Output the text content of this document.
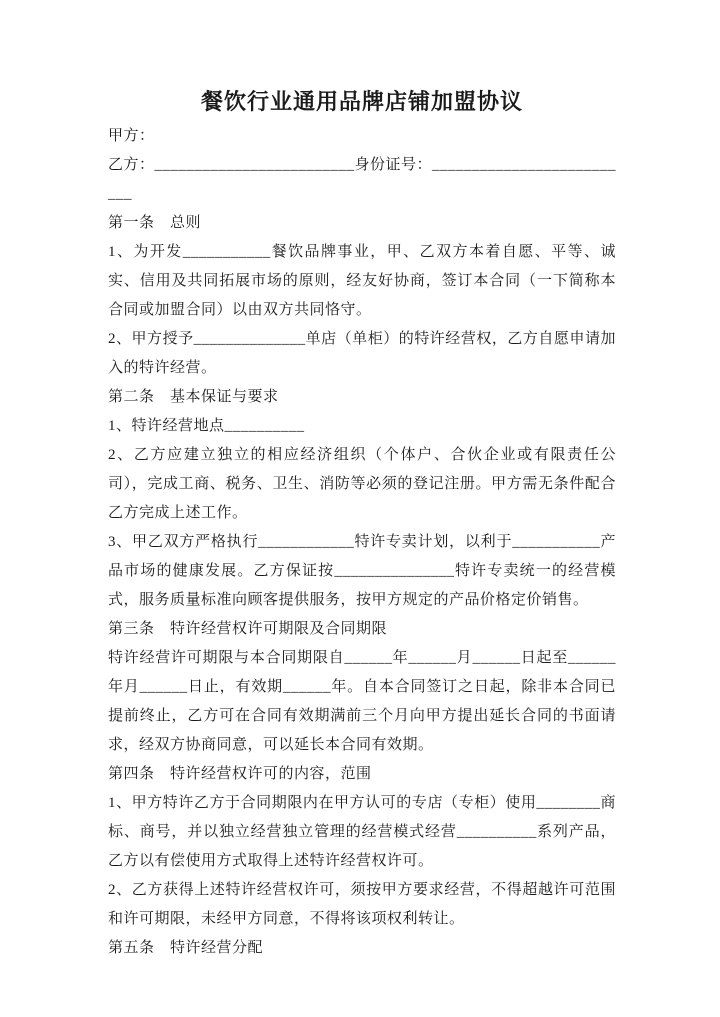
餐饮行业通用品牌店铺加盟协议

甲方：

乙方：_________________________身份证号：__________________________

第一条　总则

1、为开发___________餐饮品牌事业，甲、乙双方本着自愿、平等、诚实、信用及共同拓展市场的原则，经友好协商，签订本合同（一下简称本合同或加盟合同）以由双方共同恪守。

2、甲方授予______________单店（单柜）的特许经营权，乙方自愿申请加入的特许经营。

第二条　基本保证与要求

1、特许经营地点__________

2、乙方应建立独立的相应经济组织（个体户、合伙企业或有限责任公司），完成工商、税务、卫生、消防等必须的登记注册。甲方需无条件配合乙方完成上述工作。

3、甲乙双方严格执行____________特许专卖计划，以利于___________产品市场的健康发展。乙方保证按_______________特许专卖统一的经营模式，服务质量标准向顾客提供服务，按甲方规定的产品价格定价销售。

第三条　特许经营权许可期限及合同期限

特许经营许可期限与本合同期限自______年______月______日起至______年月______日止，有效期______年。自本合同签订之日起，除非本合同已提前终止，乙方可在合同有效期满前三个月向甲方提出延长合同的书面请求，经双方协商同意，可以延长本合同有效期。

第四条　特许经营权许可的内容，范围

1、甲方特许乙方于合同期限内在甲方认可的专店（专柜）使用________商标、商号，并以独立经营独立管理的经营模式经营__________系列产品，乙方以有偿使用方式取得上述特许经营权许可。

2、乙方获得上述特许经营权许可，须按甲方要求经营，不得超越许可范围和许可期限，未经甲方同意，不得将该项权利转让。

第五条　特许经营分配
